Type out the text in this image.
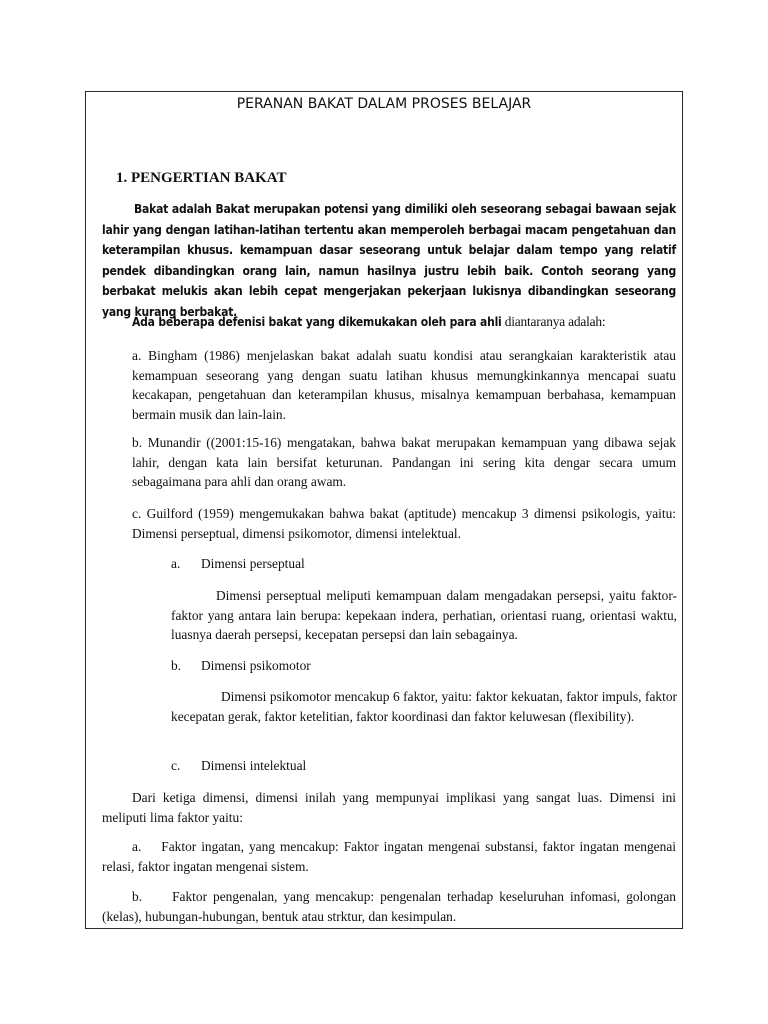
PERANAN BAKAT DALAM PROSES BELAJAR
1. PENGERTIAN BAKAT

Bakat adalah Bakat merupakan potensi yang dimiliki oleh seseorang sebagai bawaan sejak lahir yang dengan latihan-latihan tertentu akan memperoleh berbagai macam pengetahuan dan keterampilan khusus. kemampuan dasar seseorang untuk belajar dalam tempo yang relatif pendek dibandingkan orang lain, namun hasilnya justru lebih baik. Contoh seorang yang berbakat melukis akan lebih cepat mengerjakan pekerjaan lukisnya dibandingkan seseorang yang kurang berbakat.

Ada beberapa defenisi bakat yang dikemukakan oleh para ahli diantaranya adalah:

a. Bingham (1986) menjelaskan bakat adalah suatu kondisi atau serangkaian karakteristik atau kemampuan seseorang yang dengan suatu latihan khusus memungkinkannya mencapai suatu kecakapan, pengetahuan dan keterampilan khusus, misalnya kemampuan berbahasa, kemampuan bermain musik dan lain-lain.

b. Munandir ((2001:15-16) mengatakan, bahwa bakat merupakan kemampuan yang dibawa sejak lahir, dengan kata lain bersifat keturunan. Pandangan ini sering kita dengar secara umum sebagaimana para ahli dan orang awam.

c. Guilford (1959) mengemukakan bahwa bakat (aptitude) mencakup 3 dimensi psikologis, yaitu: Dimensi perseptual, dimensi psikomotor, dimensi intelektual.

a. Dimensi perseptual

Dimensi perseptual meliputi kemampuan dalam mengadakan persepsi, yaitu faktor-faktor yang antara lain berupa: kepekaan indera, perhatian, orientasi ruang, orientasi waktu, luasnya daerah persepsi, kecepatan persepsi dan lain sebagainya.

b. Dimensi psikomotor

Dimensi psikomotor mencakup 6 faktor, yaitu: faktor kekuatan, faktor impuls, faktor kecepatan gerak, faktor ketelitian, faktor koordinasi dan faktor keluwesan (flexibility).

c. Dimensi intelektual

Dari ketiga dimensi, dimensi inilah yang mempunyai implikasi yang sangat luas. Dimensi ini meliputi lima faktor yaitu:

a.    Faktor ingatan, yang mencakup: Faktor ingatan mengenai substansi, faktor ingatan mengenai relasi, faktor ingatan mengenai sistem.

b.     Faktor pengenalan, yang mencakup: pengenalan terhadap keseluruhan infomasi, golongan (kelas), hubungan-hubungan, bentuk atau strktur, dan kesimpulan.
